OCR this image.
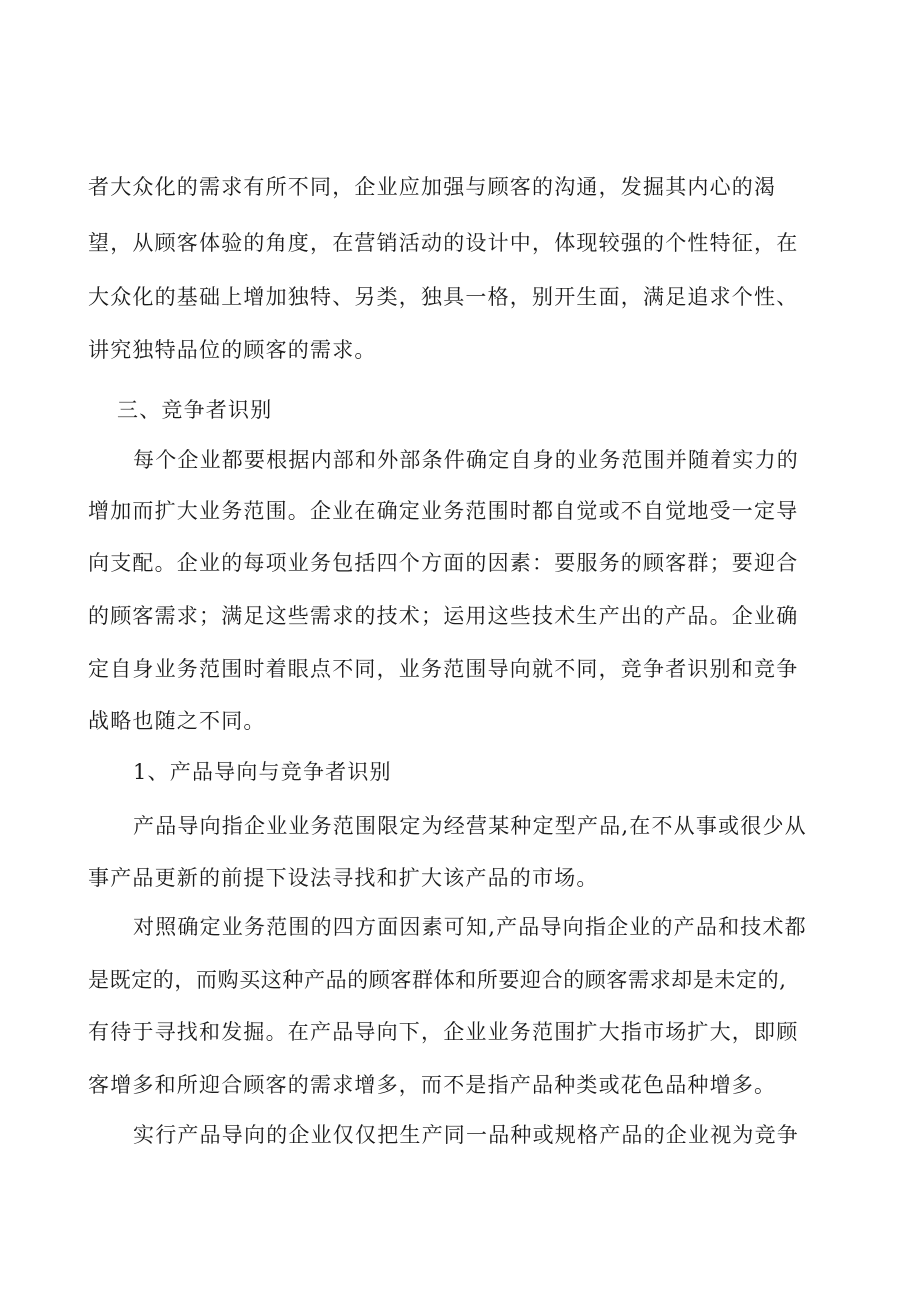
者大众化的需求有所不同，企业应加强与顾客的沟通，发掘其内心的渴
望，从顾客体验的角度，在营销活动的设计中，体现较强的个性特征，在
大众化的基础上增加独特、另类，独具一格，别开生面，满足追求个性、
讲究独特品位的顾客的需求。
三、竞争者识别
每个企业都要根据内部和外部条件确定自身的业务范围并随着实力的
增加而扩大业务范围。企业在确定业务范围时都自觉或不自觉地受一定导
向支配。企业的每项业务包括四个方面的因素：要服务的顾客群；要迎合
的顾客需求；满足这些需求的技术；运用这些技术生产出的产品。企业确
定自身业务范围时着眼点不同，业务范围导向就不同，竞争者识别和竞争
战略也随之不同。
1、产品导向与竞争者识别
产品导向指企业业务范围限定为经营某种定型产品,在不从事或很少从
事产品更新的前提下设法寻找和扩大该产品的市场。
对照确定业务范围的四方面因素可知,产品导向指企业的产品和技术都
是既定的，而购买这种产品的顾客群体和所要迎合的顾客需求却是未定的,
有待于寻找和发掘。在产品导向下，企业业务范围扩大指市场扩大，即顾
客增多和所迎合顾客的需求增多，而不是指产品种类或花色品种增多。
实行产品导向的企业仅仅把生产同一品种或规格产品的企业视为竞争
